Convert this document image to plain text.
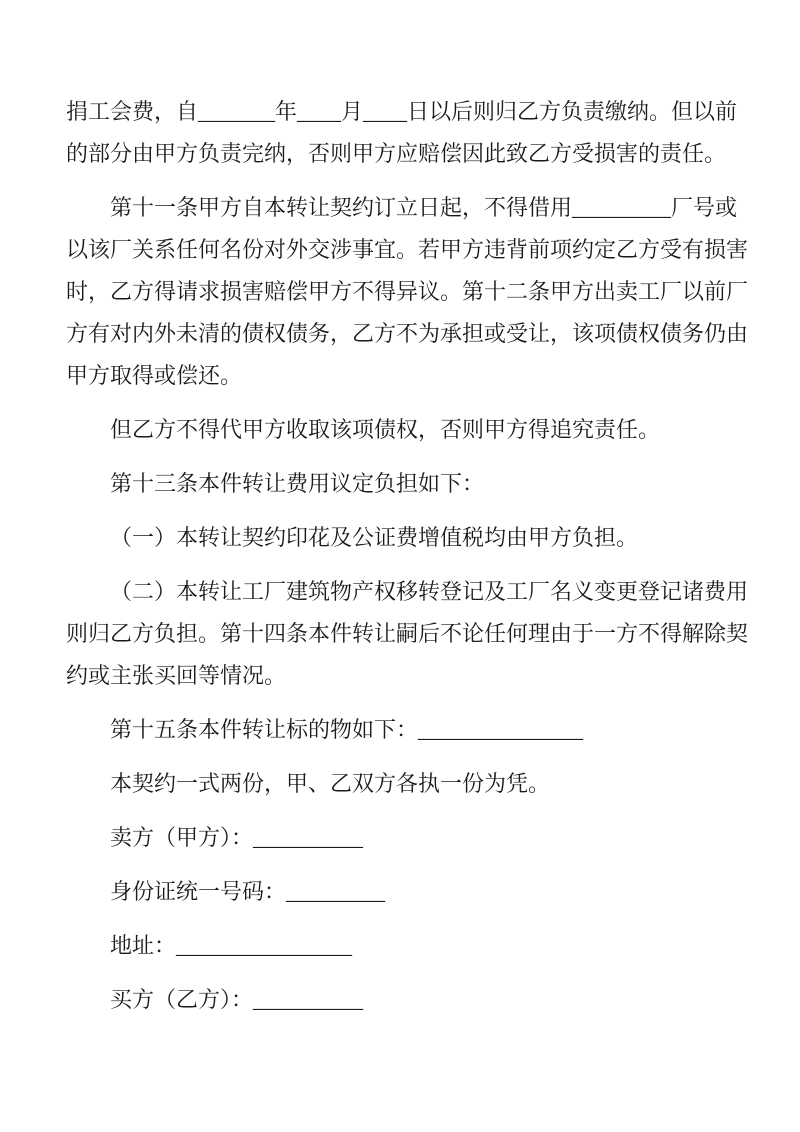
捐工会费，自_______年____月____日以后则归乙方负责缴纳。但以前的部分由甲方负责完纳，否则甲方应赔偿因此致乙方受损害的责任。

第十一条甲方自本转让契约订立日起，不得借用_________厂号或以该厂关系任何名份对外交涉事宜。若甲方违背前项约定乙方受有损害时，乙方得请求损害赔偿甲方不得异议。第十二条甲方出卖工厂以前厂方有对内外未清的债权债务，乙方不为承担或受让，该项债权债务仍由甲方取得或偿还。

但乙方不得代甲方收取该项债权，否则甲方得追究责任。

第十三条本件转让费用议定负担如下：

（一）本转让契约印花及公证费增值税均由甲方负担。

（二）本转让工厂建筑物产权移转登记及工厂名义变更登记诸费用则归乙方负担。第十四条本件转让嗣后不论任何理由于一方不得解除契约或主张买回等情况。

第十五条本件转让标的物如下：_______________

本契约一式两份，甲、乙双方各执一份为凭。

卖方（甲方）：__________

身份证统一号码：_________

地址：________________

买方（乙方）：__________
